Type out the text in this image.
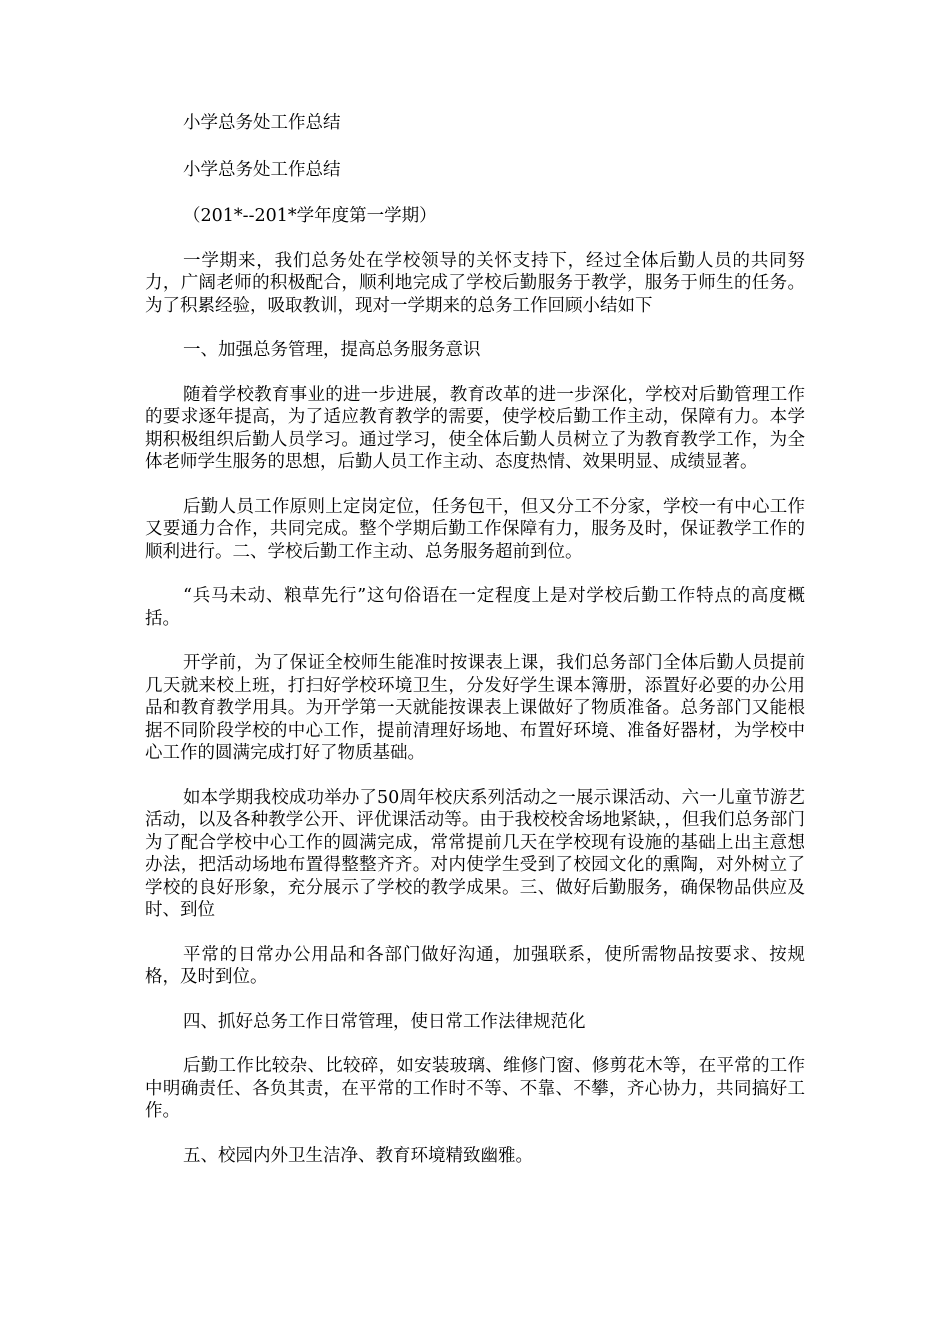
小学总务处工作总结

小学总务处工作总结

（201*--201*学年度第一学期）

一学期来，我们总务处在学校领导的关怀支持下，经过全体后勤人员的共同努力，广阔老师的积极配合，顺利地完成了学校后勤服务于教学，服务于师生的任务。为了积累经验，吸取教训，现对一学期来的总务工作回顾小结如下

一、加强总务管理，提高总务服务意识

随着学校教育事业的进一步进展，教育改革的进一步深化，学校对后勤管理工作的要求逐年提高，为了适应教育教学的需要，使学校后勤工作主动，保障有力。本学期积极组织后勤人员学习。通过学习，使全体后勤人员树立了为教育教学工作，为全体老师学生服务的思想，后勤人员工作主动、态度热情、效果明显、成绩显著。

后勤人员工作原则上定岗定位，任务包干，但又分工不分家，学校一有中心工作又要通力合作，共同完成。整个学期后勤工作保障有力，服务及时，保证教学工作的顺利进行。二、学校后勤工作主动、总务服务超前到位。

“兵马未动、粮草先行”这句俗语在一定程度上是对学校后勤工作特点的高度概括。

开学前，为了保证全校师生能准时按课表上课，我们总务部门全体后勤人员提前几天就来校上班，打扫好学校环境卫生，分发好学生课本簿册，添置好必要的办公用品和教育教学用具。为开学第一天就能按课表上课做好了物质准备。总务部门又能根据不同阶段学校的中心工作，提前清理好场地、布置好环境、准备好器材，为学校中心工作的圆满完成打好了物质基础。

如本学期我校成功举办了50周年校庆系列活动之一展示课活动、六一儿童节游艺活动，以及各种教学公开、评优课活动等。由于我校校舍场地紧缺，，但我们总务部门为了配合学校中心工作的圆满完成，常常提前几天在学校现有设施的基础上出主意想办法，把活动场地布置得整整齐齐。对内使学生受到了校园文化的熏陶，对外树立了学校的良好形象，充分展示了学校的教学成果。三、做好后勤服务，确保物品供应及时、到位

平常的日常办公用品和各部门做好沟通，加强联系，使所需物品按要求、按规格，及时到位。

四、抓好总务工作日常管理，使日常工作法律规范化

后勤工作比较杂、比较碎，如安装玻璃、维修门窗、修剪花木等，在平常的工作中明确责任、各负其责，在平常的工作时不等、不靠、不攀，齐心协力，共同搞好工作。

五、校园内外卫生洁净、教育环境精致幽雅。
